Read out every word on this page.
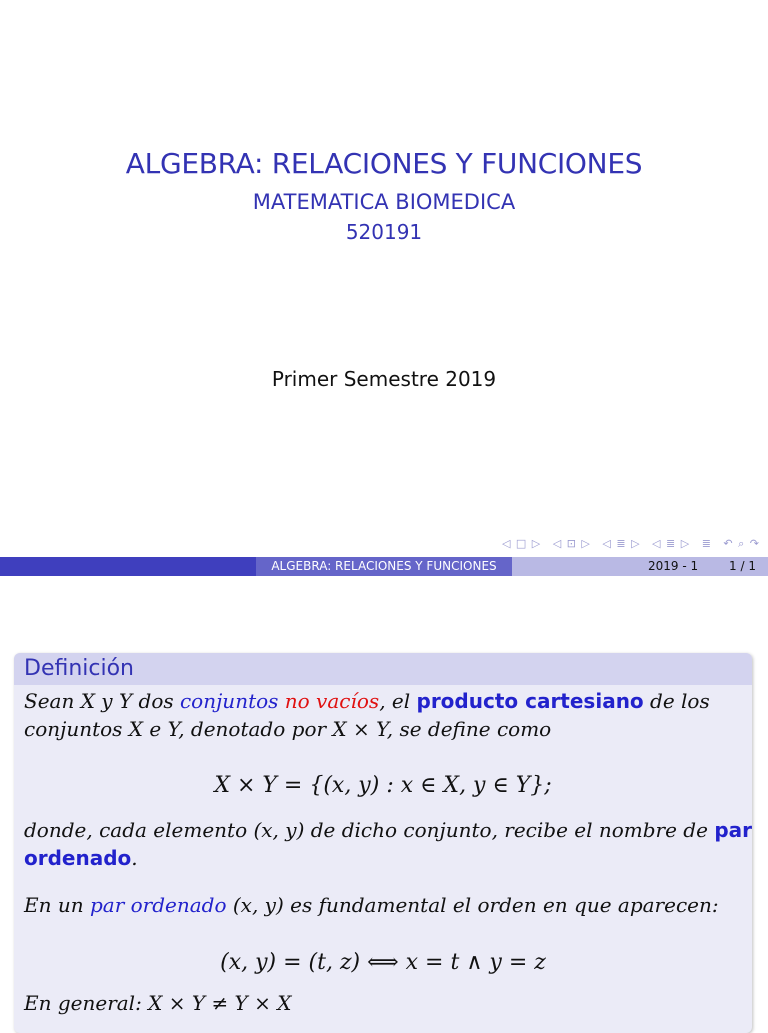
ALGEBRA: RELACIONES Y FUNCIONES
MATEMATICA BIOMEDICA
520191
Primer Semestre 2019
◁ □ ▷ ◁ ⊡ ▷ ◁ ≣ ▷ ◁ ≣ ▷ ≣ ↶ ⌕ ↷
ALGEBRA: RELACIONES Y FUNCIONES	2019 - 1	1 / 1
Definición
Sean X y Y dos conjuntos no vacíos, el producto cartesiano de los
conjuntos X e Y, denotado por X × Y, se define como
X × Y = {(x, y) : x ∈ X, y ∈ Y};
donde, cada elemento (x, y) de dicho conjunto, recibe el nombre de par
ordenado.
En un par ordenado (x, y) es fundamental el orden en que aparecen:
(x, y) = (t, z) ⟺ x = t ∧ y = z
En general: X × Y ≠ Y × X
